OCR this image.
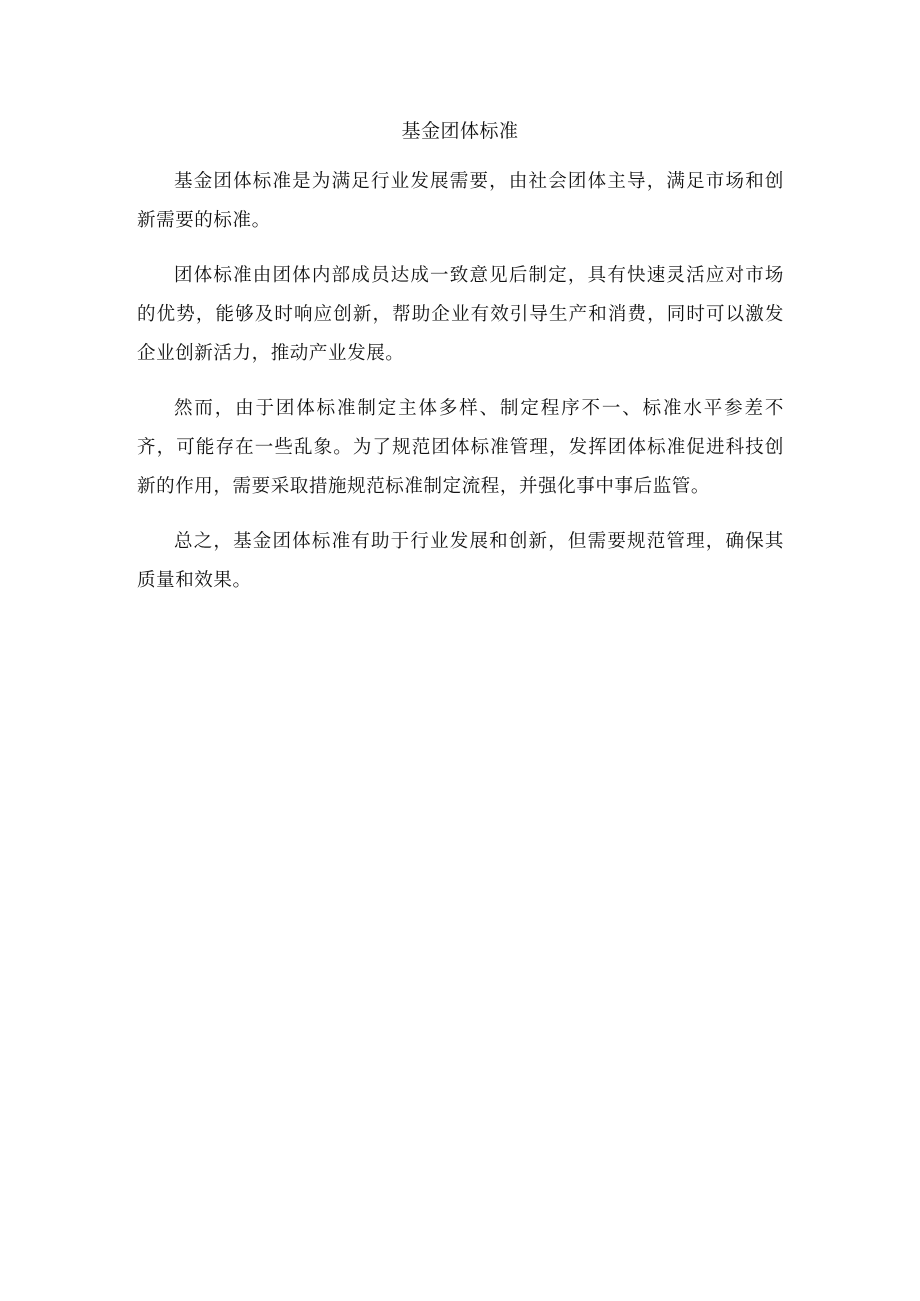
基金团体标准

基金团体标准是为满足行业发展需要，由社会团体主导，满足市场和创新需要的标准。

团体标准由团体内部成员达成一致意见后制定，具有快速灵活应对市场的优势，能够及时响应创新，帮助企业有效引导生产和消费，同时可以激发企业创新活力，推动产业发展。

然而，由于团体标准制定主体多样、制定程序不一、标准水平参差不齐，可能存在一些乱象。为了规范团体标准管理，发挥团体标准促进科技创新的作用，需要采取措施规范标准制定流程，并强化事中事后监管。

总之，基金团体标准有助于行业发展和创新，但需要规范管理，确保其质量和效果。
